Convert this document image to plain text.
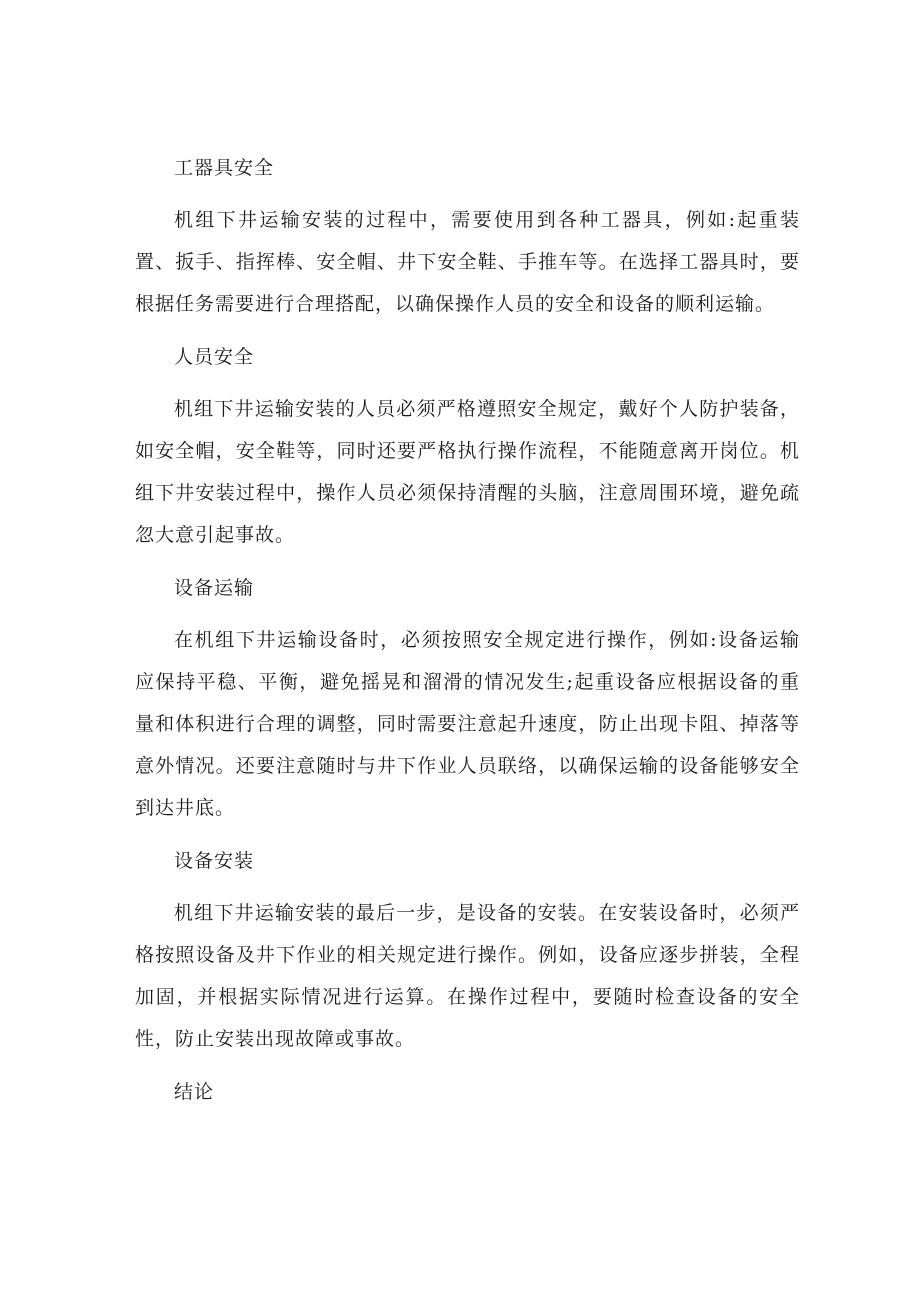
工器具安全

机组下井运输安装的过程中，需要使用到各种工器具，例如:起重装置、扳手、指挥棒、安全帽、井下安全鞋、手推车等。在选择工器具时，要根据任务需要进行合理搭配，以确保操作人员的安全和设备的顺利运输。

人员安全

机组下井运输安装的人员必须严格遵照安全规定，戴好个人防护装备，如安全帽，安全鞋等，同时还要严格执行操作流程，不能随意离开岗位。机组下井安装过程中，操作人员必须保持清醒的头脑，注意周围环境，避免疏忽大意引起事故。

设备运输

在机组下井运输设备时，必须按照安全规定进行操作，例如:设备运输应保持平稳、平衡，避免摇晃和溜滑的情况发生;起重设备应根据设备的重量和体积进行合理的调整，同时需要注意起升速度，防止出现卡阻、掉落等意外情况。还要注意随时与井下作业人员联络，以确保运输的设备能够安全到达井底。

设备安装

机组下井运输安装的最后一步，是设备的安装。在安装设备时，必须严格按照设备及井下作业的相关规定进行操作。例如，设备应逐步拼装，全程加固，并根据实际情况进行运算。在操作过程中，要随时检查设备的安全性，防止安装出现故障或事故。

结论
